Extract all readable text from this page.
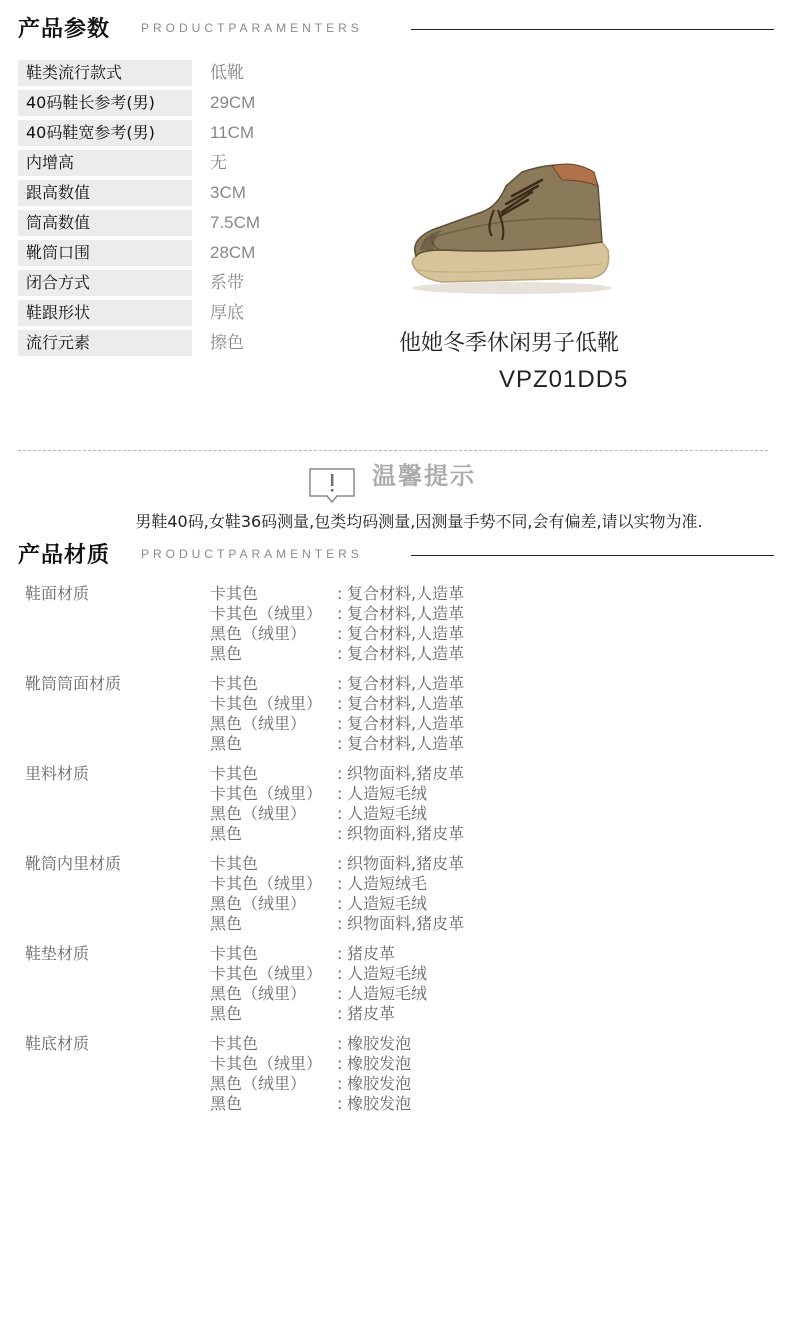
产品参数	PRODUCTPARAMENTERS
鞋类流行款式	低靴
40码鞋长参考(男)	29CM
40码鞋宽参考(男)	11CM
内增高	无
跟高数值	3CM
筒高数值	7.5CM
靴筒口围	28CM
闭合方式	系带
鞋跟形状	厚底
流行元素	擦色	他她冬季休闲男子低靴
VPZ01DD5
温馨提示
男鞋40码,女鞋36码测量,包类均码测量,因测量手势不同,会有偏差,请以实物为准.
产品材质	PRODUCTPARAMENTERS
鞋面材质	卡其色	: 复合材料,人造革
卡其色（绒里） : 复合材料,人造革
黑色（绒里） : 复合材料,人造革
黑色	: 复合材料,人造革
靴筒筒面材质	卡其色	: 复合材料,人造革
卡其色（绒里） : 复合材料,人造革
黑色（绒里） : 复合材料,人造革
黑色	: 复合材料,人造革
里料材质	卡其色	: 织物面料,猪皮革
卡其色（绒里） : 人造短毛绒
黑色（绒里） : 人造短毛绒
黑色	: 织物面料,猪皮革
靴筒内里材质	卡其色	: 织物面料,猪皮革
卡其色（绒里） : 人造短绒毛
黑色（绒里） : 人造短毛绒
黑色	: 织物面料,猪皮革
鞋垫材质	卡其色	: 猪皮革
卡其色（绒里） : 人造短毛绒
黑色（绒里） : 人造短毛绒
黑色	: 猪皮革
鞋底材质	卡其色	: 橡胶发泡
卡其色（绒里） : 橡胶发泡
黑色（绒里） : 橡胶发泡
黑色	: 橡胶发泡
